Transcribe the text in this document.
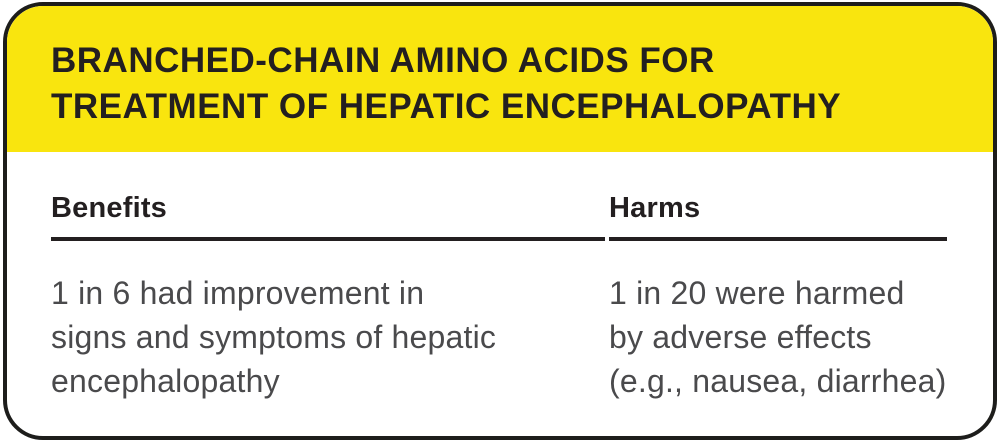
BRANCHED-CHAIN AMINO ACIDS FOR
TREATMENT OF HEPATIC ENCEPHALOPATHY
Benefits

1 in 6 had improvement in
signs and symptoms of hepatic
encephalopathy

Harms

1 in 20 were harmed
by adverse effects
(e.g., nausea, diarrhea)
